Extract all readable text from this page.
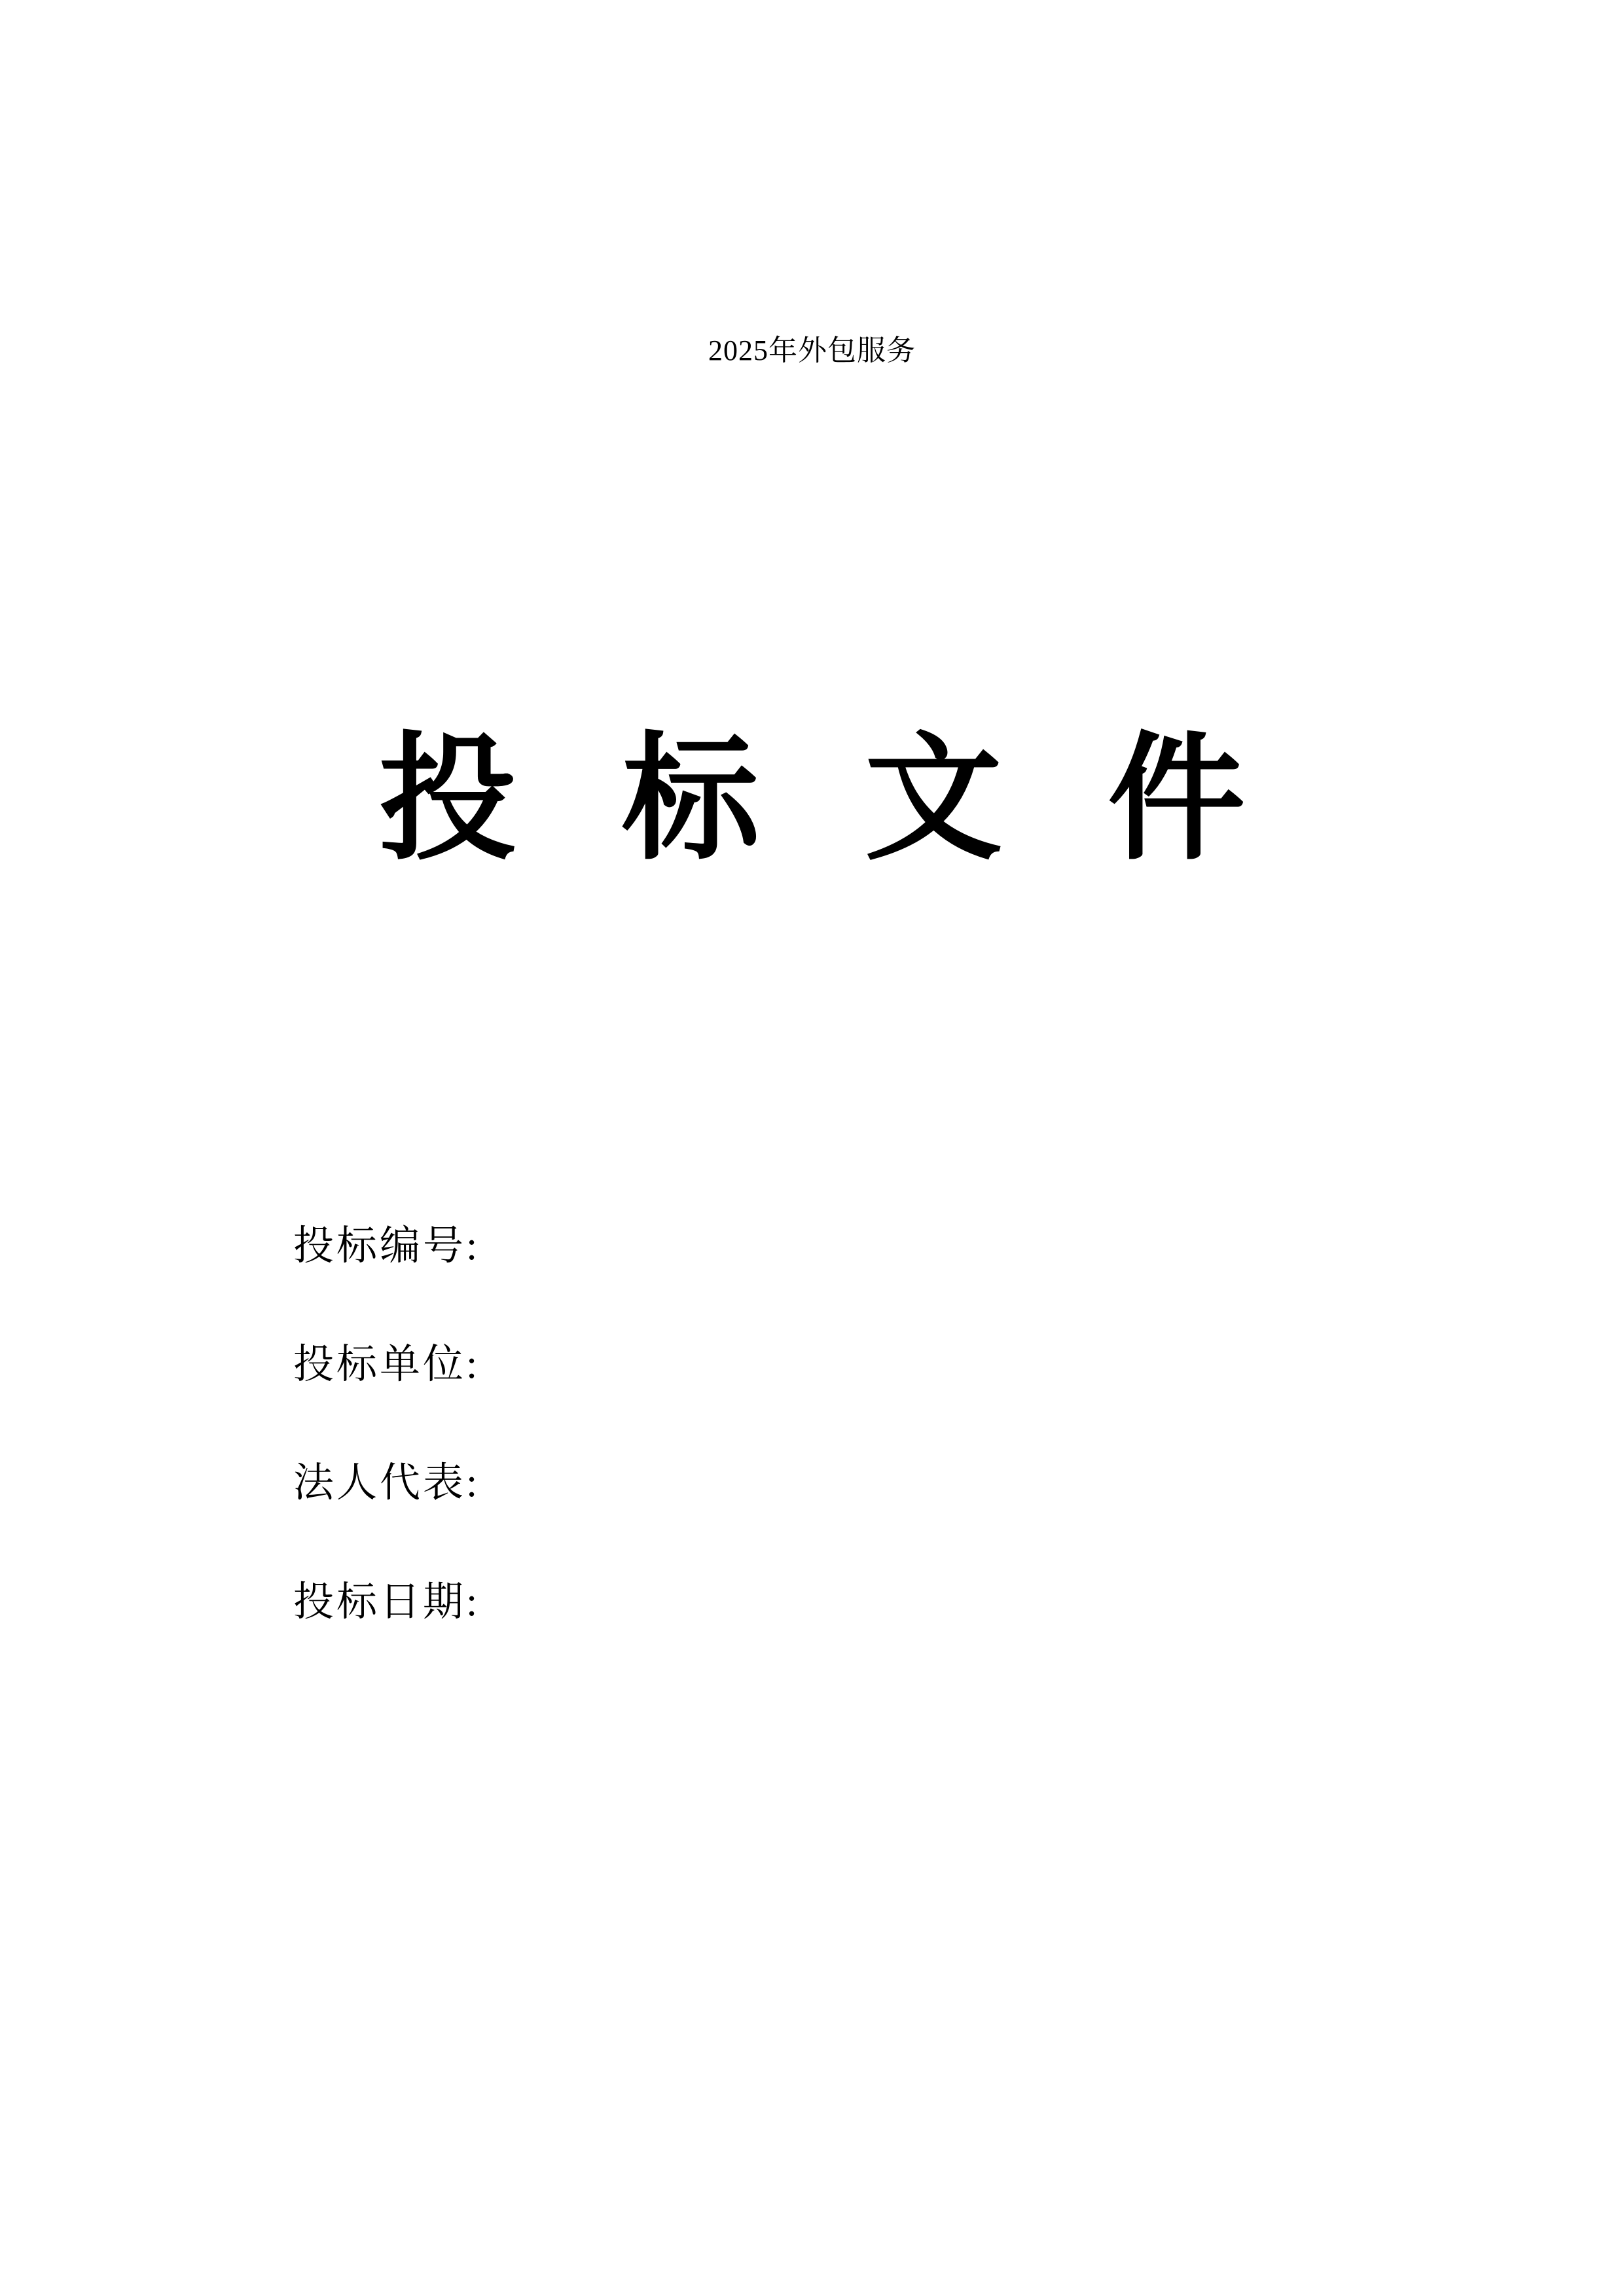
2025年外包服务
投 标 文 件
投标编号:
投标单位:
法人代表:
投标日期:
